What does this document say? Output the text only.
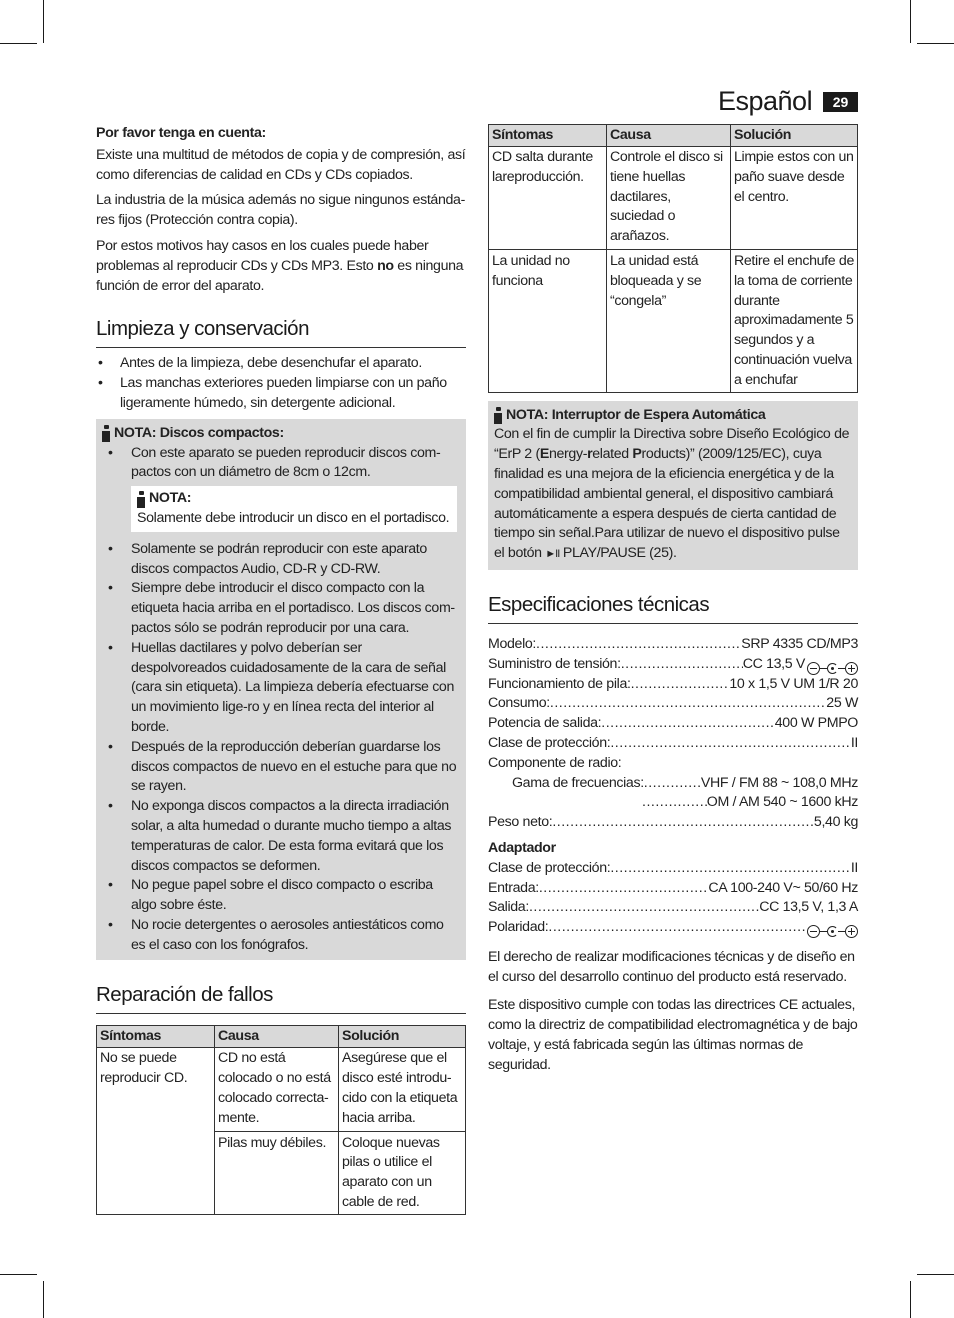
Español	29

Por favor tenga en cuenta:

Existe una multitud de métodos de copia y de compresión, así como diferencias de calidad en CDs y CDs copiados.

La industria de la música además no sigue ningunos estánda-res fijos (Protección contra copia).

Por estos motivos hay casos en los cuales puede haber problemas al reproducir CDs y CDs MP3. Esto no es ninguna función de error del aparato.

Limpieza y conservación
• Antes de la limpieza, debe desenchufar el aparato.
• Las manchas exteriores pueden limpiarse con un paño ligeramente húmedo, sin detergente adicional.
NOTA: Discos compactos:
• Con este aparato se pueden reproducir discos com-pactos con un diámetro de 8cm o 12cm.
NOTA:
Solamente debe introducir un disco en el portadisco.
• Solamente se podrán reproducir con este aparato discos compactos Audio, CD-R y CD-RW.
• Siempre debe introducir el disco compacto con la etiqueta hacia arriba en el portadisco. Los discos com-pactos sólo se podrán reproducir por una cara.
• Huellas dactilares y polvo deberían ser despolvoreados cuidadosamente de la cara de señal (cara sin etiqueta). La limpieza debería efectuarse con un movimiento lige-ro y en línea recta del interior al borde.
• Después de la reproducción deberían guardarse los discos compactos de nuevo en el estuche para que no se rayen.
• No exponga discos compactos a la directa irradiación solar, a alta humedad o durante mucho tiempo a altas temperaturas de calor. De esta forma evitará que los discos compactos se deformen.
• No pegue papel sobre el disco compacto o escriba algo sobre éste.
• No rocie detergentes o aerosoles antiestáticos como es el caso con los fonógrafos.
Reparación de fallos
Síntomas	Causa	Solución
No se puede reproducir CD.	CD no está colocado o no está colocado correcta-mente.	Asegúrese que el disco esté introdu-cido con la etiqueta hacia arriba.
	Pilas muy débiles.	Coloque nuevas pilas o utilice el aparato con un cable de red.
Síntomas	Causa	Solución
CD salta durante lareproducción.	Controle el disco si tiene huellas dactilares, suciedad o arañazos.	Limpie estos con un paño suave desde el centro.
La unidad no funciona	La unidad está bloqueada y se “congela”	Retire el enchufe de la toma de corriente durante aproximadamente 5 segundos y a continuación vuelva a enchufar
NOTA: Interruptor de Espera Automática
Con el fin de cumplir la Directiva sobre Diseño Ecológico de “ErP 2 (Energy-related Products)” (2009/125/EC), cuya finalidad es una mejora de la eficiencia energética y de la compatibilidad ambiental general, el dispositivo cambiará automáticamente a espera después de cierta cantidad de tiempo sin señal.Para utilizar de nuevo el dispositivo pulse el botón ►II PLAY/PAUSE (25).
Especificaciones técnicas
Modelo: .....	SRP 4335 CD/MP3
Suministro de tensión: .....	CC 13,5 V
Funcionamiento de pila: .....	10 x 1,5 V UM 1/R 20
Consumo: .....	25 W
Potencia de salida: .....	400 W PMPO
Clase de protección: .....	II
Componente de radio:
Gama de frecuencias: .....	VHF / FM 88 ~ 108,0 MHz
.....
OM / AM 540 ~ 1600 kHz
Peso neto: .....	5,40 kg
Adaptador
Clase de protección: .....	II
Entrada: .....	CA 100-240 V~ 50/60 Hz
Salida: .....	CC 13,5 V, 1,3 A
Polaridad:
.....

El derecho de realizar modificaciones técnicas y de diseño en el curso del desarrollo continuo del producto está reservado.

Este dispositivo cumple con todas las directrices CE actuales, como la directriz de compatibilidad electromagnética y de bajo voltaje, y está fabricada según las últimas normas de seguridad.
